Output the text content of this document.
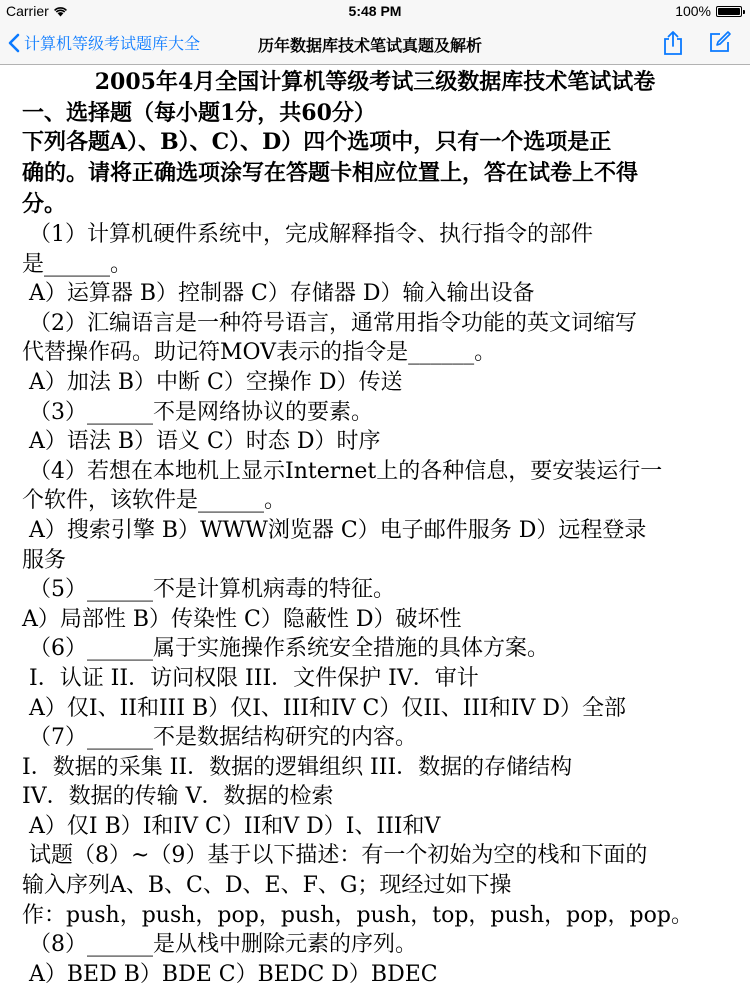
Carrier	5:48 PM	100%
计算机等级考试题库大全	历年数据库技术笔试真题及解析

2005年4月全国计算机等级考试三级数据库技术笔试试卷

一、选择题（每小题1分，共60分）

下列各题A）、B）、C）、D）四个选项中，只有一个选项是正

确的。请将正确选项涂写在答题卡相应位置上，答在试卷上不得

分。

（1）计算机硬件系统中，完成解释指令、执行指令的部件

是______。

A）运算器 B）控制器 C）存储器 D）输入输出设备

（2）汇编语言是一种符号语言，通常用指令功能的英文词缩写

代替操作码。助记符MOV表示的指令是______。

A）加法 B）中断 C）空操作 D）传送

（3）______不是网络协议的要素。

A）语法 B）语义 C）时态 D）时序

（4）若想在本地机上显示Internet上的各种信息，要安装运行一

个软件，该软件是______。

A）搜索引擎 B）WWW浏览器 C）电子邮件服务 D）远程登录

服务

（5）______不是计算机病毒的特征。

A）局部性 B）传染性 C）隐蔽性 D）破坏性

（6）______属于实施操作系统安全措施的具体方案。

I．认证 II．访问权限 III．文件保护 IV．审计

A）仅I、II和III B）仅I、III和IV C）仅II、III和IV D）全部

（7）______不是数据结构研究的内容。

I．数据的采集 II．数据的逻辑组织 III．数据的存储结构

IV．数据的传输 V．数据的检索

A）仅I B）I和IV C）II和V D）I、III和V

试题（8）~（9）基于以下描述：有一个初始为空的栈和下面的

输入序列A、B、C、D、E、F、G；现经过如下操

作：push，push，pop，push，push，top，push，pop，pop。

（8）______是从栈中删除元素的序列。

A）BED B）BDE C）BEDC D）BDEC
